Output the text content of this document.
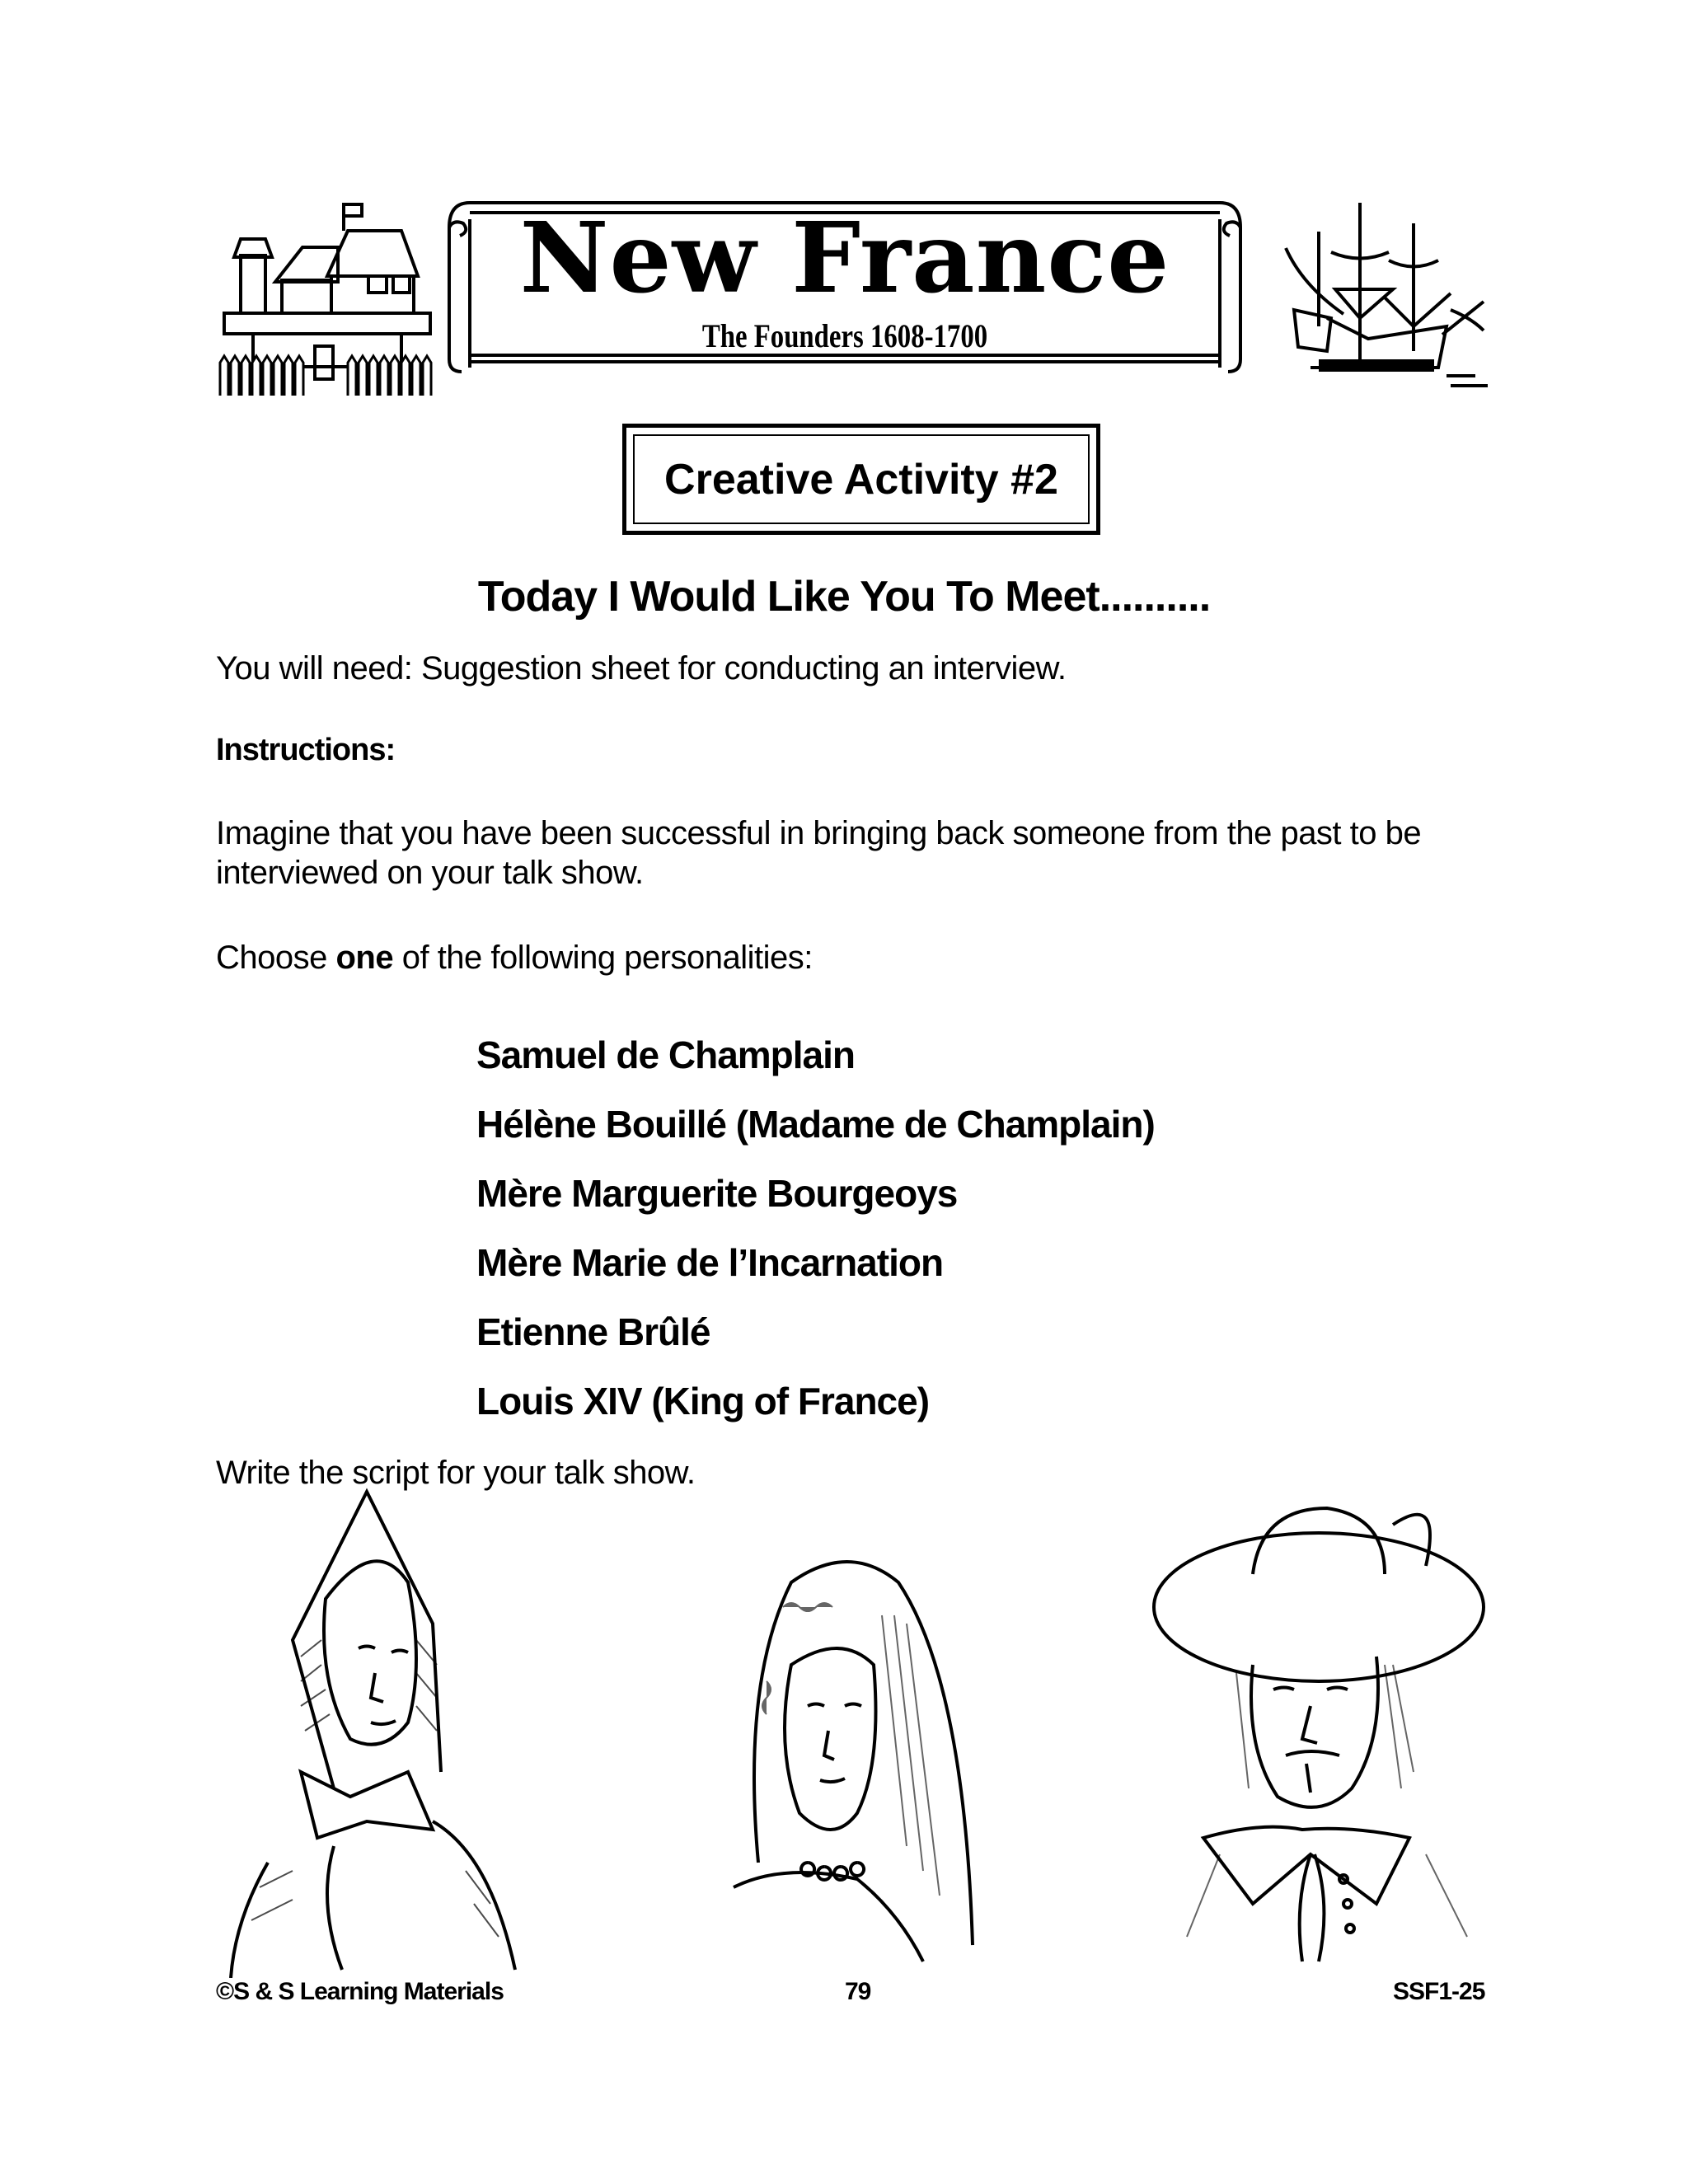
New France
The Founders 1608-1700
Creative Activity #2
Today I Would Like You To Meet..........
You will need: Suggestion sheet for conducting an interview.
Instructions:
Imagine that you have been successful in bringing back someone from the past to be interviewed on your talk show.
Choose one of the following personalities:
Samuel de Champlain
Hélène Bouillé (Madame de Champlain)
Mère Marguerite Bourgeoys
Mère Marie de l’Incarnation
Etienne Brûlé
Louis XIV (King of France)
Write the script for your talk show.
©S & S Learning Materials	79	SSF1-25
